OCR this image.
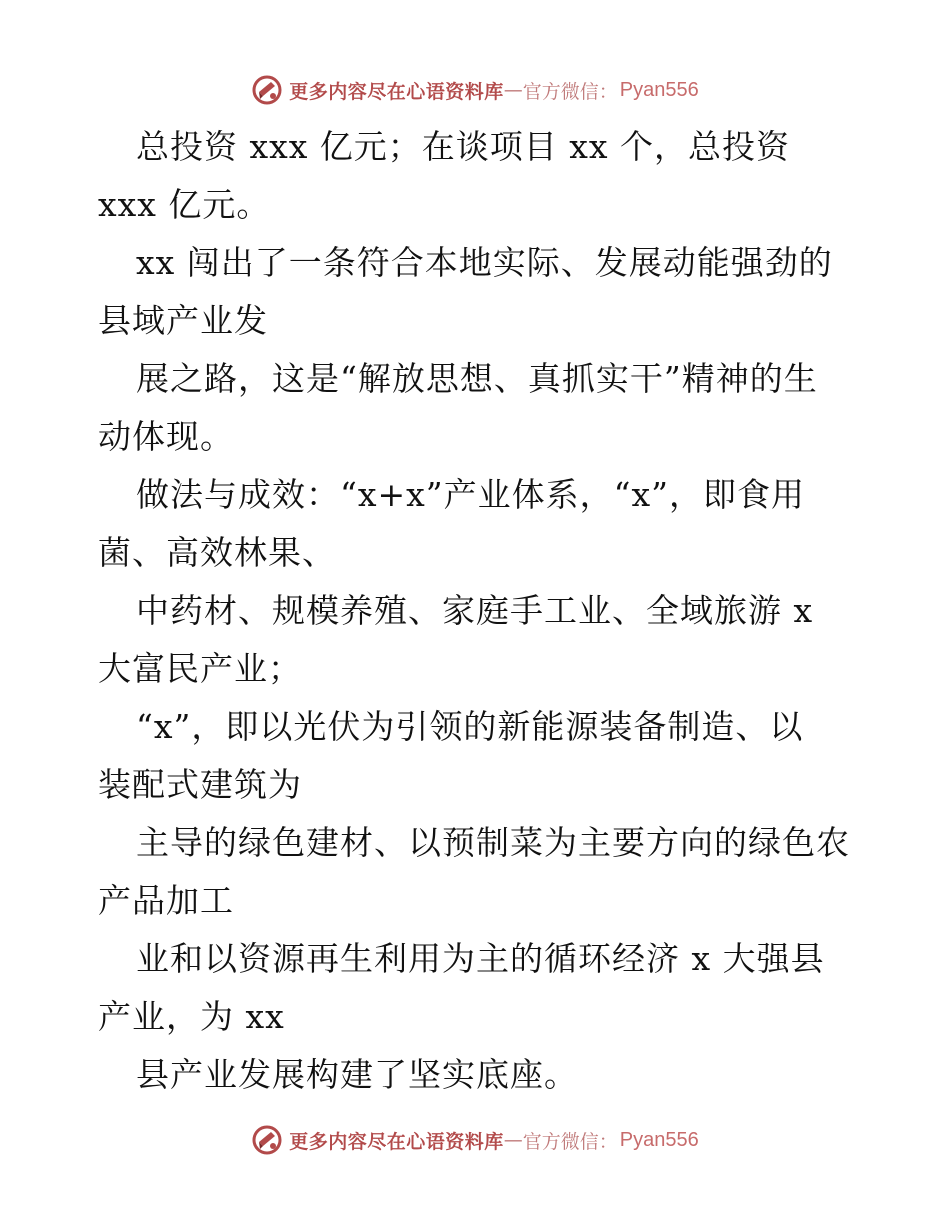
更多内容尽在心语资料库 — 官方微信： Pyan556
总投资 xxx 亿元；在谈项目 xx 个，总投资
xxx 亿元。
xx 闯出了一条符合本地实际、发展动能强劲的
县域产业发
展之路，这是“解放思想、真抓实干”精神的生
动体现。
做法与成效：“x+x”产业体系，“x”，即食用
菌、高效林果、
中药材、规模养殖、家庭手工业、全域旅游 x
大富民产业；
“x”，即以光伏为引领的新能源装备制造、以
装配式建筑为
主导的绿色建材、以预制菜为主要方向的绿色农
产品加工
业和以资源再生利用为主的循环经济 x 大强县
产业，为 xx
县产业发展构建了坚实底座。
更多内容尽在心语资料库 — 官方微信： Pyan556
